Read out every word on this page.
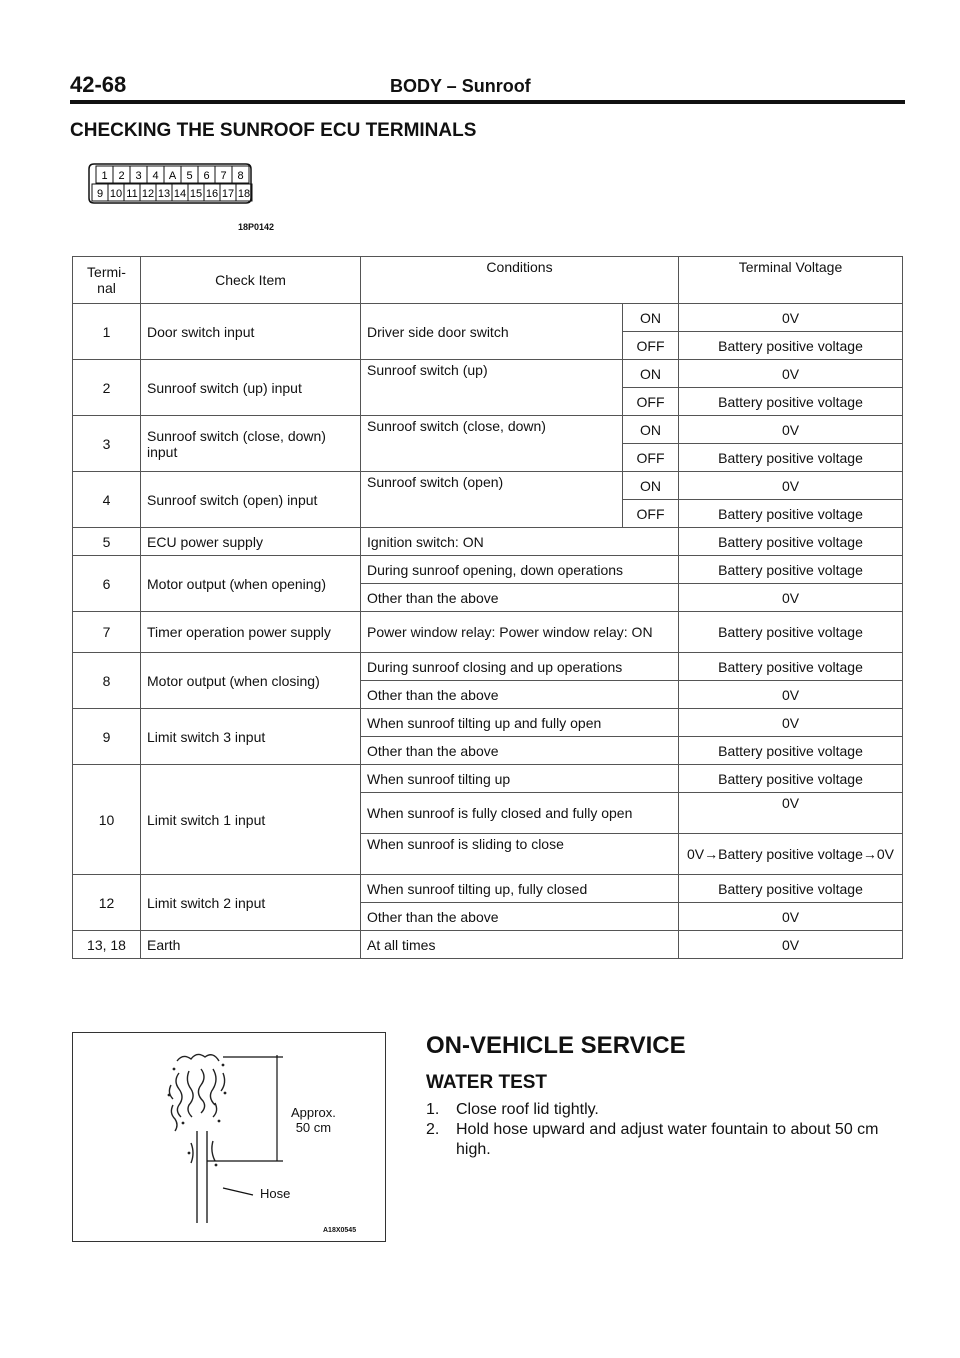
42-68	BODY – Sunroof
CHECKING THE SUNROOF ECU TERMINALS
1 2 3 4 A 5 6 7 8
9 10 11 12 13 14 15 16 17 18
18P0142
Termi-
nal	Check Item	Conditions		Terminal Voltage
1	Door switch input	Driver side door switch	ON	0V
			OFF	Battery positive voltage
2	Sunroof switch (up) input	Sunroof switch (up)	ON	0V
			OFF	Battery positive voltage
3	Sunroof switch (close, down) input	Sunroof switch (close, down)	ON	0V
			OFF	Battery positive voltage
4	Sunroof switch (open) input	Sunroof switch (open)	ON	0V
			OFF	Battery positive voltage
5	ECU power supply	Ignition switch: ON		Battery positive voltage
6	Motor output (when opening)	During sunroof opening, down operations		Battery positive voltage
		Other than the above		0V
7	Timer operation power supply	Power window relay: Power window relay: ON		Battery positive voltage
8	Motor output (when closing)	During sunroof closing and up operations		Battery positive voltage
		Other than the above		0V
9	Limit switch 3 input	When sunroof tilting up and fully open		0V
		Other than the above		Battery positive voltage
10	Limit switch 1 input	When sunroof tilting up		Battery positive voltage
		When sunroof is fully closed and fully open		0V
		When sunroof is sliding to close		0V→Battery positive voltage→0V
12	Limit switch 2 input	When sunroof tilting up, fully closed		Battery positive voltage
		Other than the above		0V
13, 18	Earth	At all times		0V
Approx.
50 cm
Hose
A18X0545
ON-VEHICLE SERVICE
WATER TEST
1.	Close roof lid tightly.
2.	Hold hose upward and adjust water fountain to about 50 cm high.
